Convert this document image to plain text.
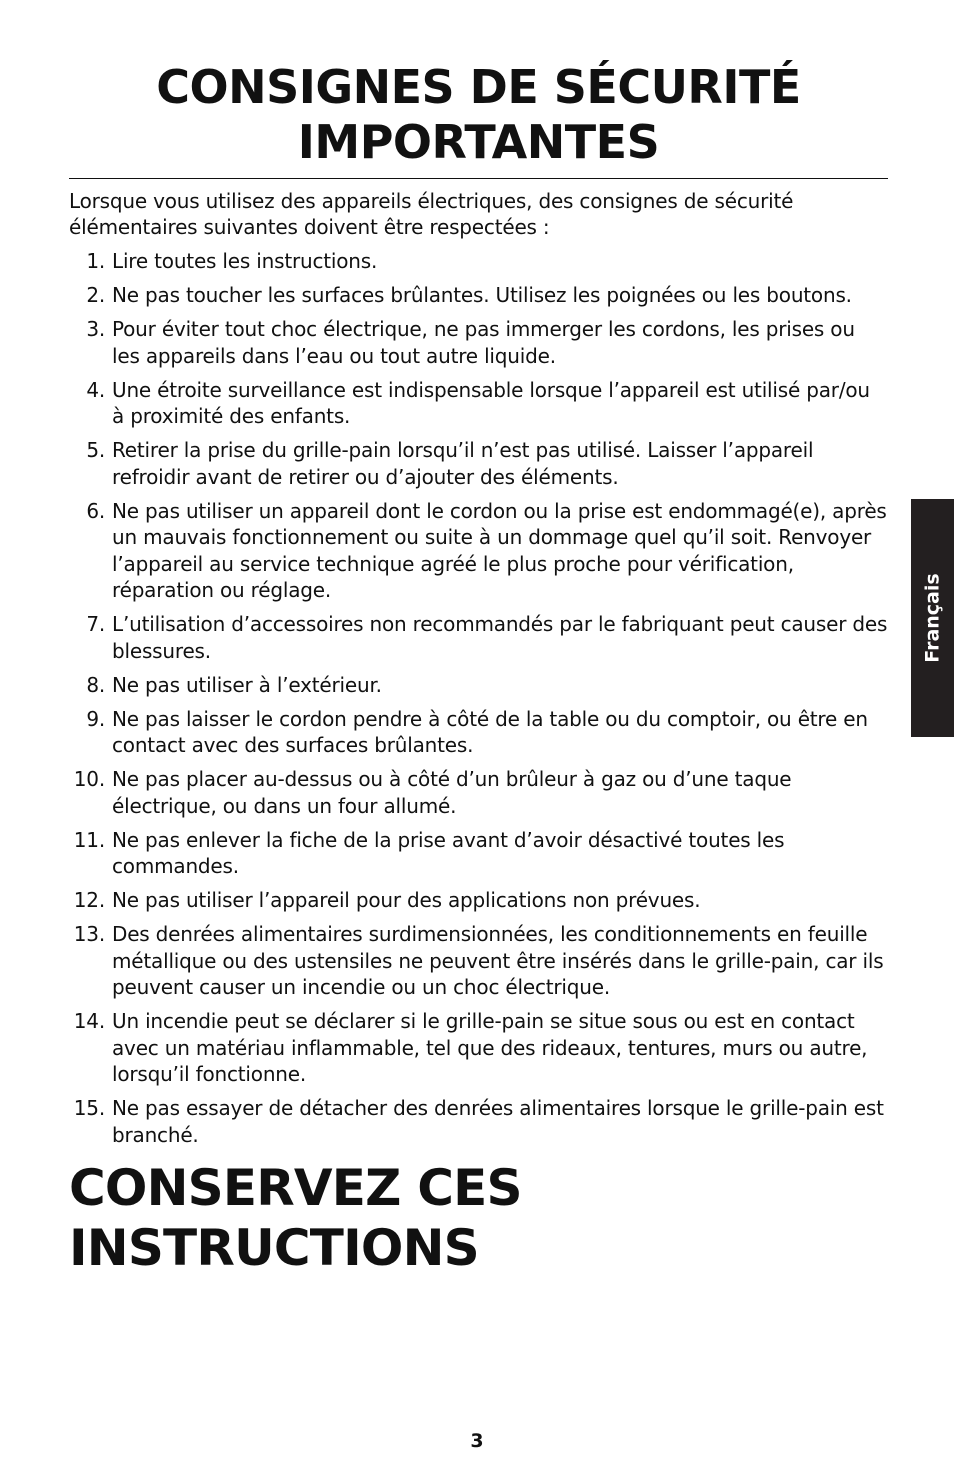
CONSIGNES DE SÉCURITÉ
IMPORTANTES

Lorsque vous utilisez des appareils électriques, des consignes de sécurité élémentaires suivantes doivent être respectées :

1. Lire toutes les instructions.
2. Ne pas toucher les surfaces brûlantes. Utilisez les poignées ou les boutons.
3. Pour éviter tout choc électrique, ne pas immerger les cordons, les prises ou les appareils dans l’eau ou tout autre liquide.
4. Une étroite surveillance est indispensable lorsque l’appareil est utilisé par/ou à proximité des enfants.
5. Retirer la prise du grille-pain lorsqu’il n’est pas utilisé. Laisser l’appareil refroidir avant de retirer ou d’ajouter des éléments.
6. Ne pas utiliser un appareil dont le cordon ou la prise est endommagé(e), après un mauvais fonctionnement ou suite à un dommage quel qu’il soit. Renvoyer l’appareil au service technique agréé le plus proche pour vérification, réparation ou réglage.
7. L’utilisation d’accessoires non recommandés par le fabriquant peut causer des blessures.
8. Ne pas utiliser à l’extérieur.
9. Ne pas laisser le cordon pendre à côté de la table ou du comptoir, ou être en contact avec des surfaces brûlantes.
10. Ne pas placer au-dessus ou à côté d’un brûleur à gaz ou d’une taque électrique, ou dans un four allumé.
11. Ne pas enlever la fiche de la prise avant d’avoir désactivé toutes les commandes.
12. Ne pas utiliser l’appareil pour des applications non prévues.
13. Des denrées alimentaires surdimensionnées, les conditionnements en feuille métallique ou des ustensiles ne peuvent être insérés dans le grille-pain, car ils peuvent causer un incendie ou un choc électrique.
14. Un incendie peut se déclarer si le grille-pain se situe sous ou est en contact avec un matériau inflammable, tel que des rideaux, tentures, murs ou autre, lorsqu’il fonctionne.
15. Ne pas essayer de détacher des denrées alimentaires lorsque le grille-pain est branché.
CONSERVEZ CES INSTRUCTIONS
Français
3
